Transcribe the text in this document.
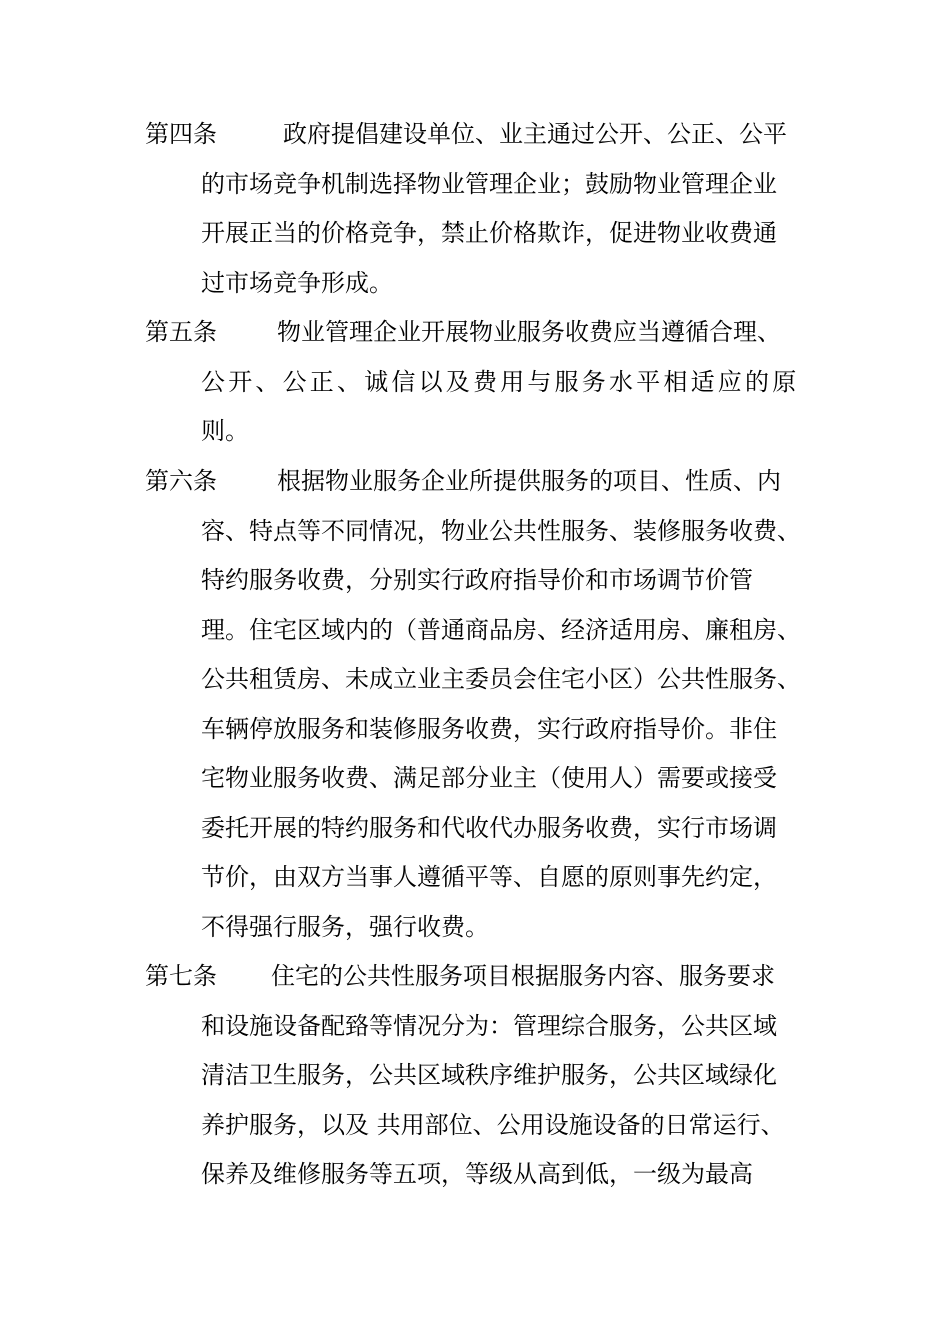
第四条	政府提倡建设单位、业主通过公开、公正、公平
的市场竞争机制选择物业管理企业；鼓励物业管理企业
开展正当的价格竞争，禁止价格欺诈，促进物业收费通
过市场竞争形成。
第五条	物业管理企业开展物业服务收费应当遵循合理、
公开、公正、诚信以及费用与服务水平相适应的原
则。
第六条	根据物业服务企业所提供服务的项目、性质、内
容、特点等不同情况，物业公共性服务、装修服务收费、
特约服务收费，分别实行政府指导价和市场调节价管
理。住宅区域内的（普通商品房、经济适用房、廉租房、
公共租赁房、未成立业主委员会住宅小区）公共性服务、
车辆停放服务和装修服务收费，实行政府指导价。非住
宅物业服务收费、满足部分业主（使用人）需要或接受
委托开展的特约服务和代收代办服务收费，实行市场调
节价，由双方当事人遵循平等、自愿的原则事先约定，
不得强行服务，强行收费。
第七条 住宅的公共性服务项目根据服务内容、服务要求
和设施设备配臵等情况分为：管理综合服务，公共区域
清洁卫生服务，公共区域秩序维护服务，公共区域绿化
养护服务，以及 共用部位、公用设施设备的日常运行、
保养及维修服务等五项，等级从高到低，一级为最高
